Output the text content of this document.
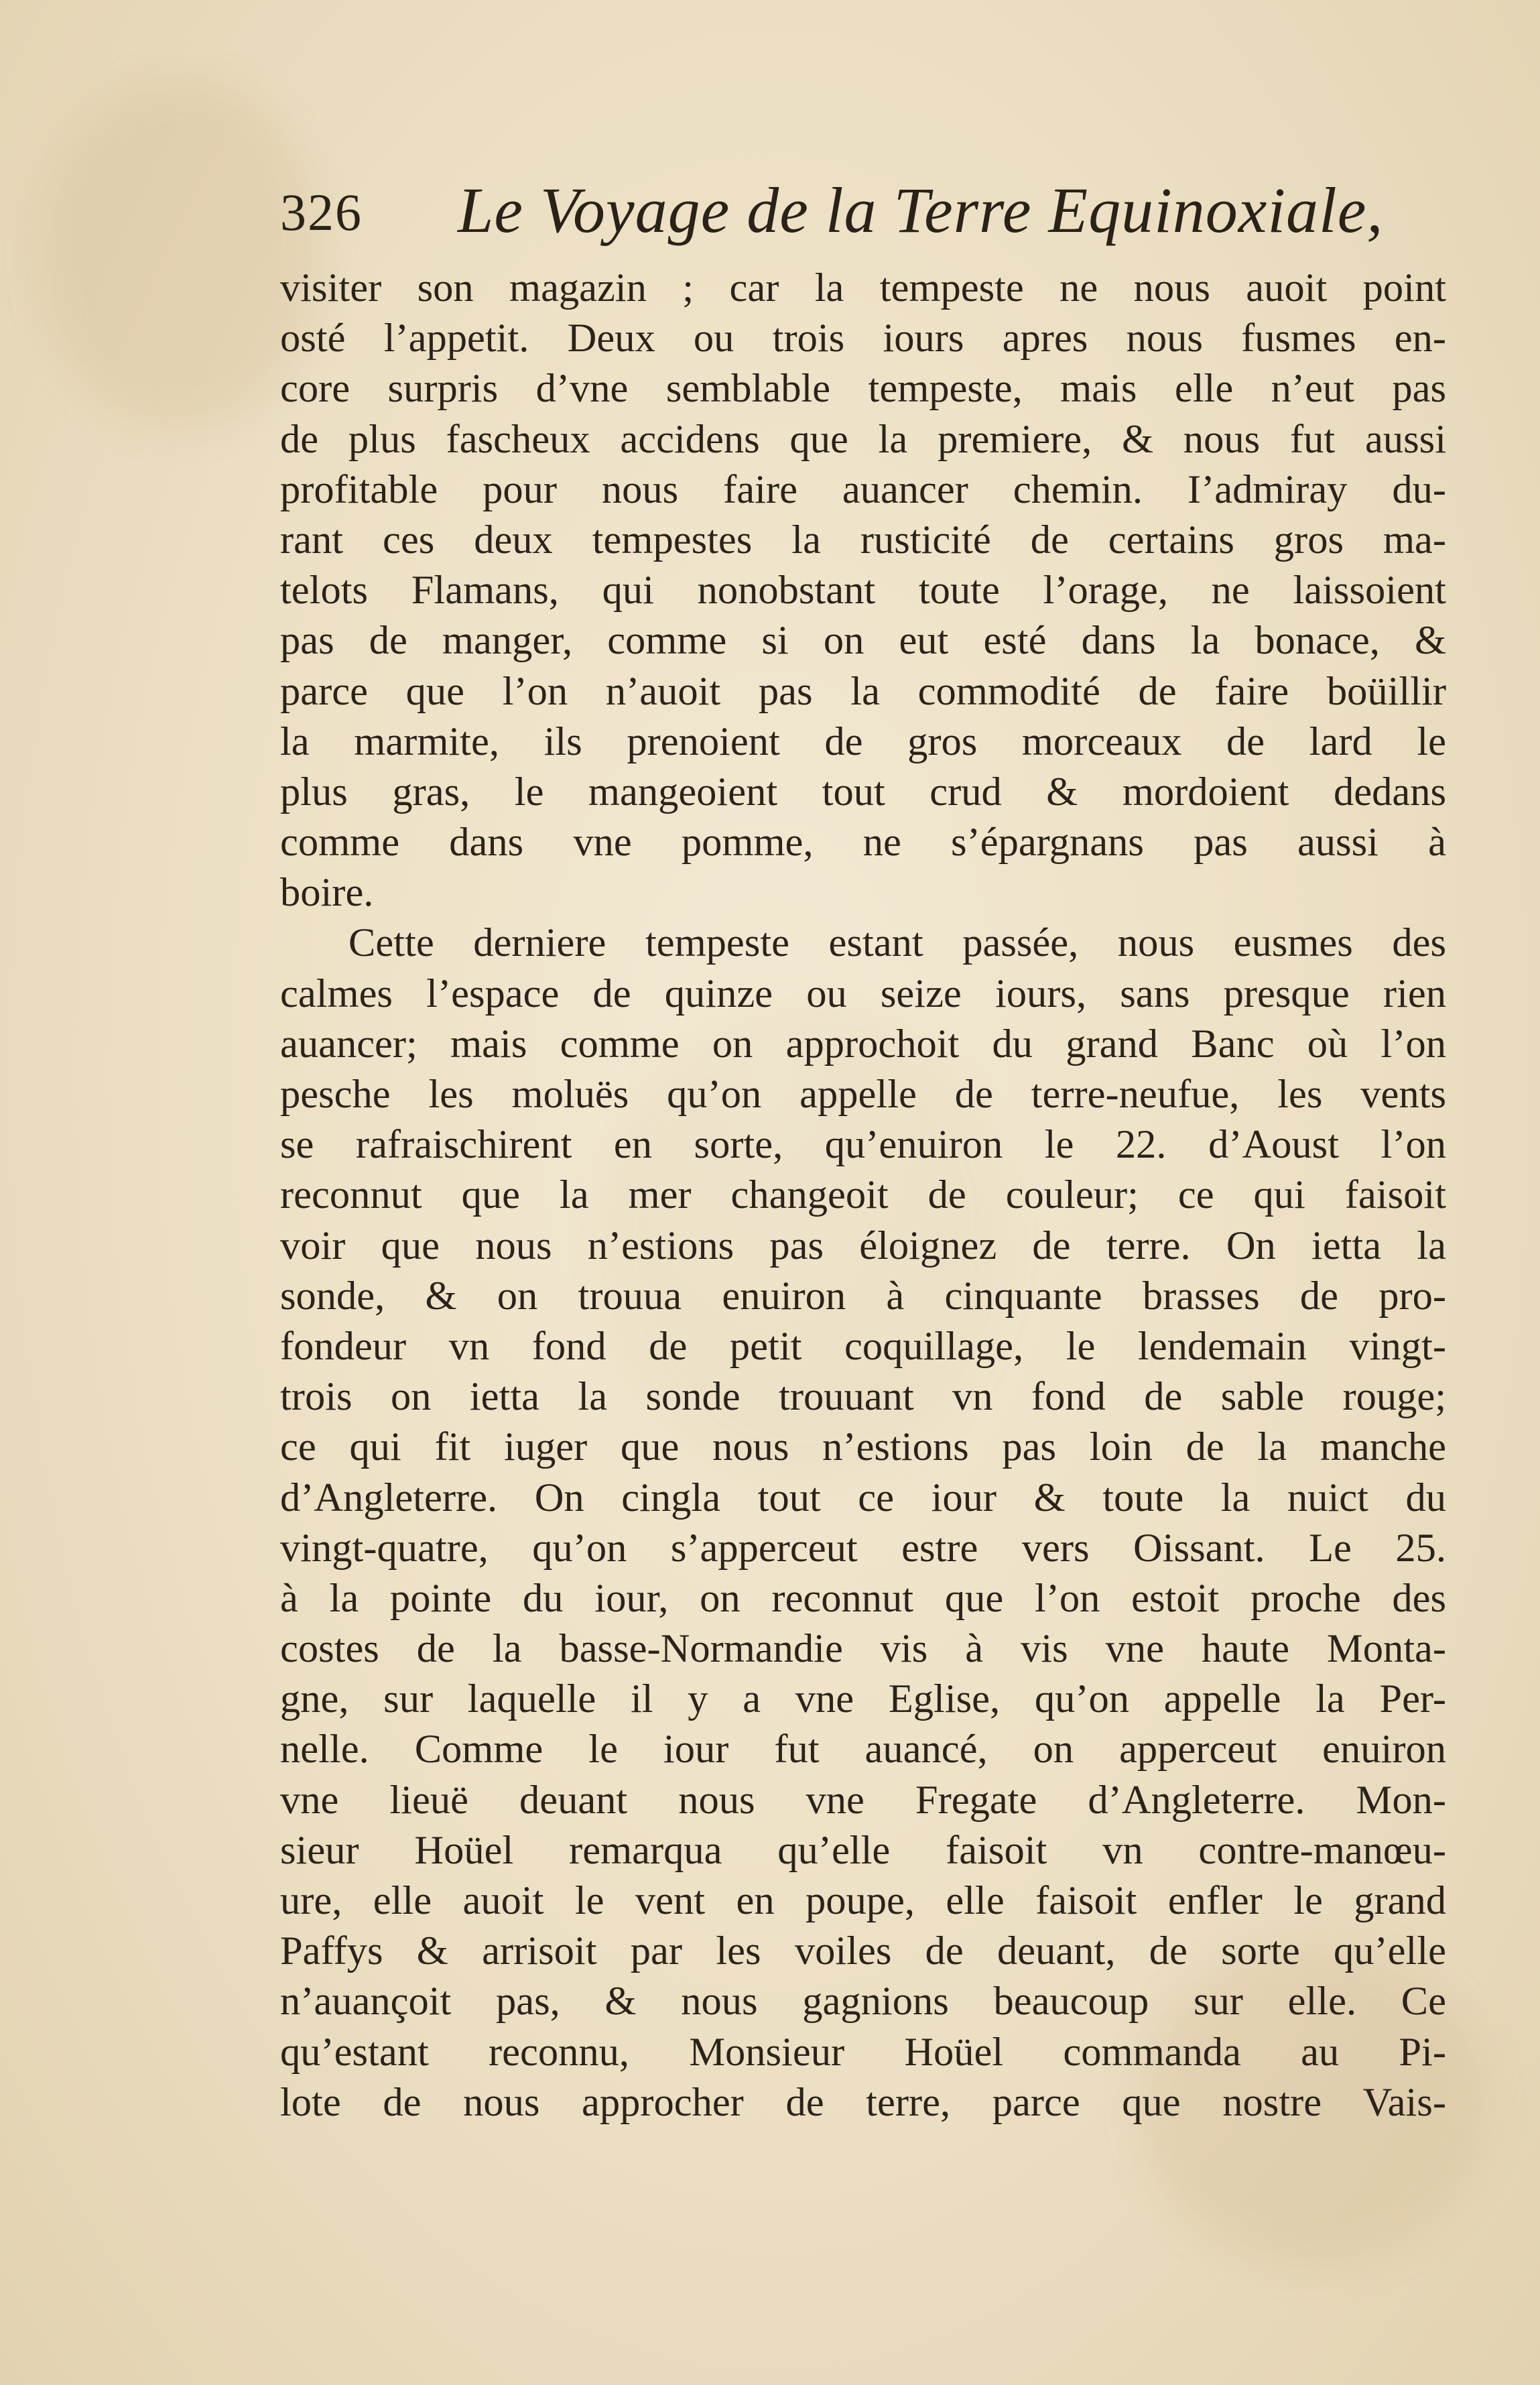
326 Le Voyage de la Terre Equinoxiale,
visiter son magazin ; car la tempeste ne nous auoit point
osté l’appetit. Deux ou trois iours apres nous fusmes en-
core surpris d’vne semblable tempeste, mais elle n’eut pas
de plus fascheux accidens que la premiere, & nous fut aussi
profitable pour nous faire auancer chemin. I’admiray du-
rant ces deux tempestes la rusticité de certains gros ma-
telots Flamans, qui nonobstant toute l’orage, ne laissoient
pas de manger, comme si on eut esté dans la bonace, &
parce que l’on n’auoit pas la commodité de faire boüillir
la marmite, ils prenoient de gros morceaux de lard le
plus gras, le mangeoient tout crud & mordoient dedans
comme dans vne pomme, ne s’épargnans pas aussi à
boire.
Cette derniere tempeste estant passée, nous eusmes des
calmes l’espace de quinze ou seize iours, sans presque rien
auancer; mais comme on approchoit du grand Banc où l’on
pesche les moluës qu’on appelle de terre-neufue, les vents
se rafraischirent en sorte, qu’enuiron le 22. d’Aoust l’on
reconnut que la mer changeoit de couleur; ce qui faisoit
voir que nous n’estions pas éloignez de terre. On ietta la
sonde, & on trouua enuiron à cinquante brasses de pro-
fondeur vn fond de petit coquillage, le lendemain vingt-
trois on ietta la sonde trouuant vn fond de sable rouge;
ce qui fit iuger que nous n’estions pas loin de la manche
d’Angleterre. On cingla tout ce iour & toute la nuict du
vingt-quatre, qu’on s’apperceut estre vers Oissant. Le 25.
à la pointe du iour, on reconnut que l’on estoit proche des
costes de la basse-Normandie vis à vis vne haute Monta-
gne, sur laquelle il y a vne Eglise, qu’on appelle la Per-
nelle. Comme le iour fut auancé, on apperceut enuiron
vne lieuë deuant nous vne Fregate d’Angleterre. Mon-
sieur Hoüel remarqua qu’elle faisoit vn contre-manœu-
ure, elle auoit le vent en poupe, elle faisoit enfler le grand
Paffys & arrisoit par les voiles de deuant, de sorte qu’elle
n’auançoit pas, & nous gagnions beaucoup sur elle. Ce
qu’estant reconnu, Monsieur Hoüel commanda au Pi-
lote de nous approcher de terre, parce que nostre Vais-
